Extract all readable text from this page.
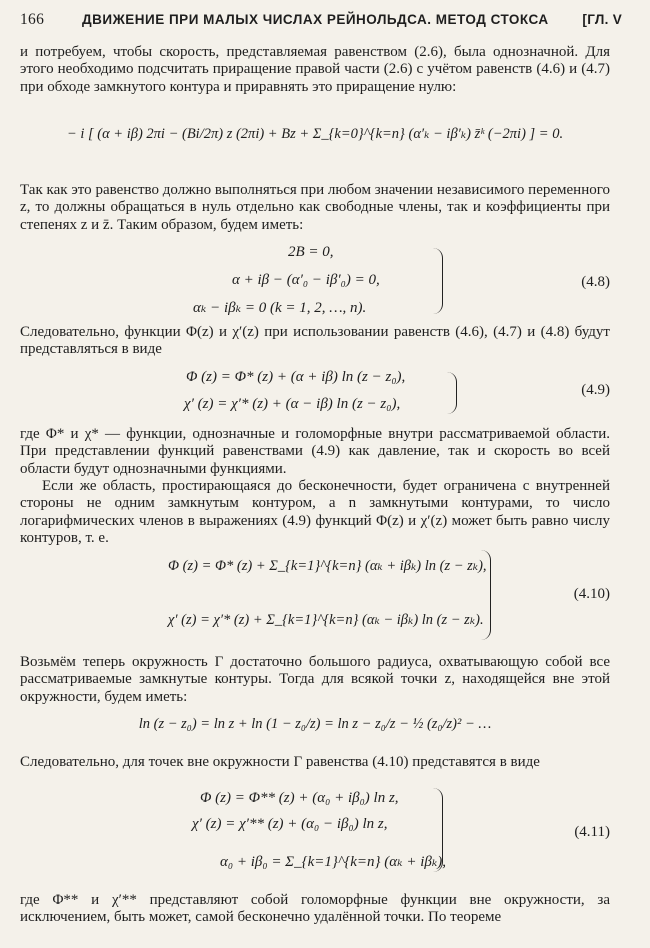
166	ДВИЖЕНИЕ ПРИ МАЛЫХ ЧИСЛАХ РЕЙНОЛЬДСА. МЕТОД СТОКСА	[ГЛ. V
и потребуем, чтобы скорость, представляемая равенством (2.6), была однозначной. Для этого необходимо подсчитать приращение правой части (2.6) с учётом равенств (4.6) и (4.7) при обходе замкнутого контура и приравнять это приращение нулю:
− i [ (α + iβ) 2πi − (Bi/2π) z (2πi) + Bz + Σ_{k=0}^{k=n} (α′ₖ − iβ′ₖ) z̄ᵏ (−2πi) ] = 0.
Так как это равенство должно выполняться при любом значении независимого переменного z, то должны обращаться в нуль отдельно как свободные члены, так и коэффициенты при степенях z и z̄. Таким образом, будем иметь:
2B = 0,
α + iβ − (α′₀ − iβ′₀) = 0,
αₖ − iβₖ = 0 (k = 1, 2, …, n).
(4.8)
Следовательно, функции Φ(z) и χ′(z) при использовании равенств (4.6), (4.7) и (4.8) будут представляться в виде
Φ (z) = Φ* (z) + (α + iβ) ln (z − z₀),
χ′ (z) = χ′* (z) + (α − iβ) ln (z − z₀),
(4.9)
где Φ* и χ* — функции, однозначные и голоморфные внутри рассматриваемой области. При представлении функций равенствами (4.9) как давление, так и скорость во всей области будут однозначными функциями.
Если же область, простирающаяся до бесконечности, будет ограничена с внутренней стороны не одним замкнутым контуром, а n замкнутыми контурами, то число логарифмических членов в выражениях (4.9) функций Φ(z) и χ′(z) может быть равно числу контуров, т. е.
Φ (z) = Φ* (z) + Σ_{k=1}^{k=n} (αₖ + iβₖ) ln (z − zₖ),
χ′ (z) = χ′* (z) + Σ_{k=1}^{k=n} (αₖ − iβₖ) ln (z − zₖ).
(4.10)
Возьмём теперь окружность Γ достаточно большого радиуса, охватывающую собой все рассматриваемые замкнутые контуры. Тогда для всякой точки z, находящейся вне этой окружности, будем иметь:
ln (z − z₀) = ln z + ln (1 − z₀/z) = ln z − z₀/z − ½ (z₀/z)² − …
Следовательно, для точек вне окружности Γ равенства (4.10) представятся в виде
Φ (z) = Φ** (z) + (α₀ + iβ₀) ln z,
χ′ (z) = χ′** (z) + (α₀ − iβ₀) ln z,
α₀ + iβ₀ = Σ_{k=1}^{k=n} (αₖ + iβₖ),
(4.11)
где Φ** и χ′** представляют собой голоморфные функции вне окружности, за исключением, быть может, самой бесконечно удалённой точки. По теореме
